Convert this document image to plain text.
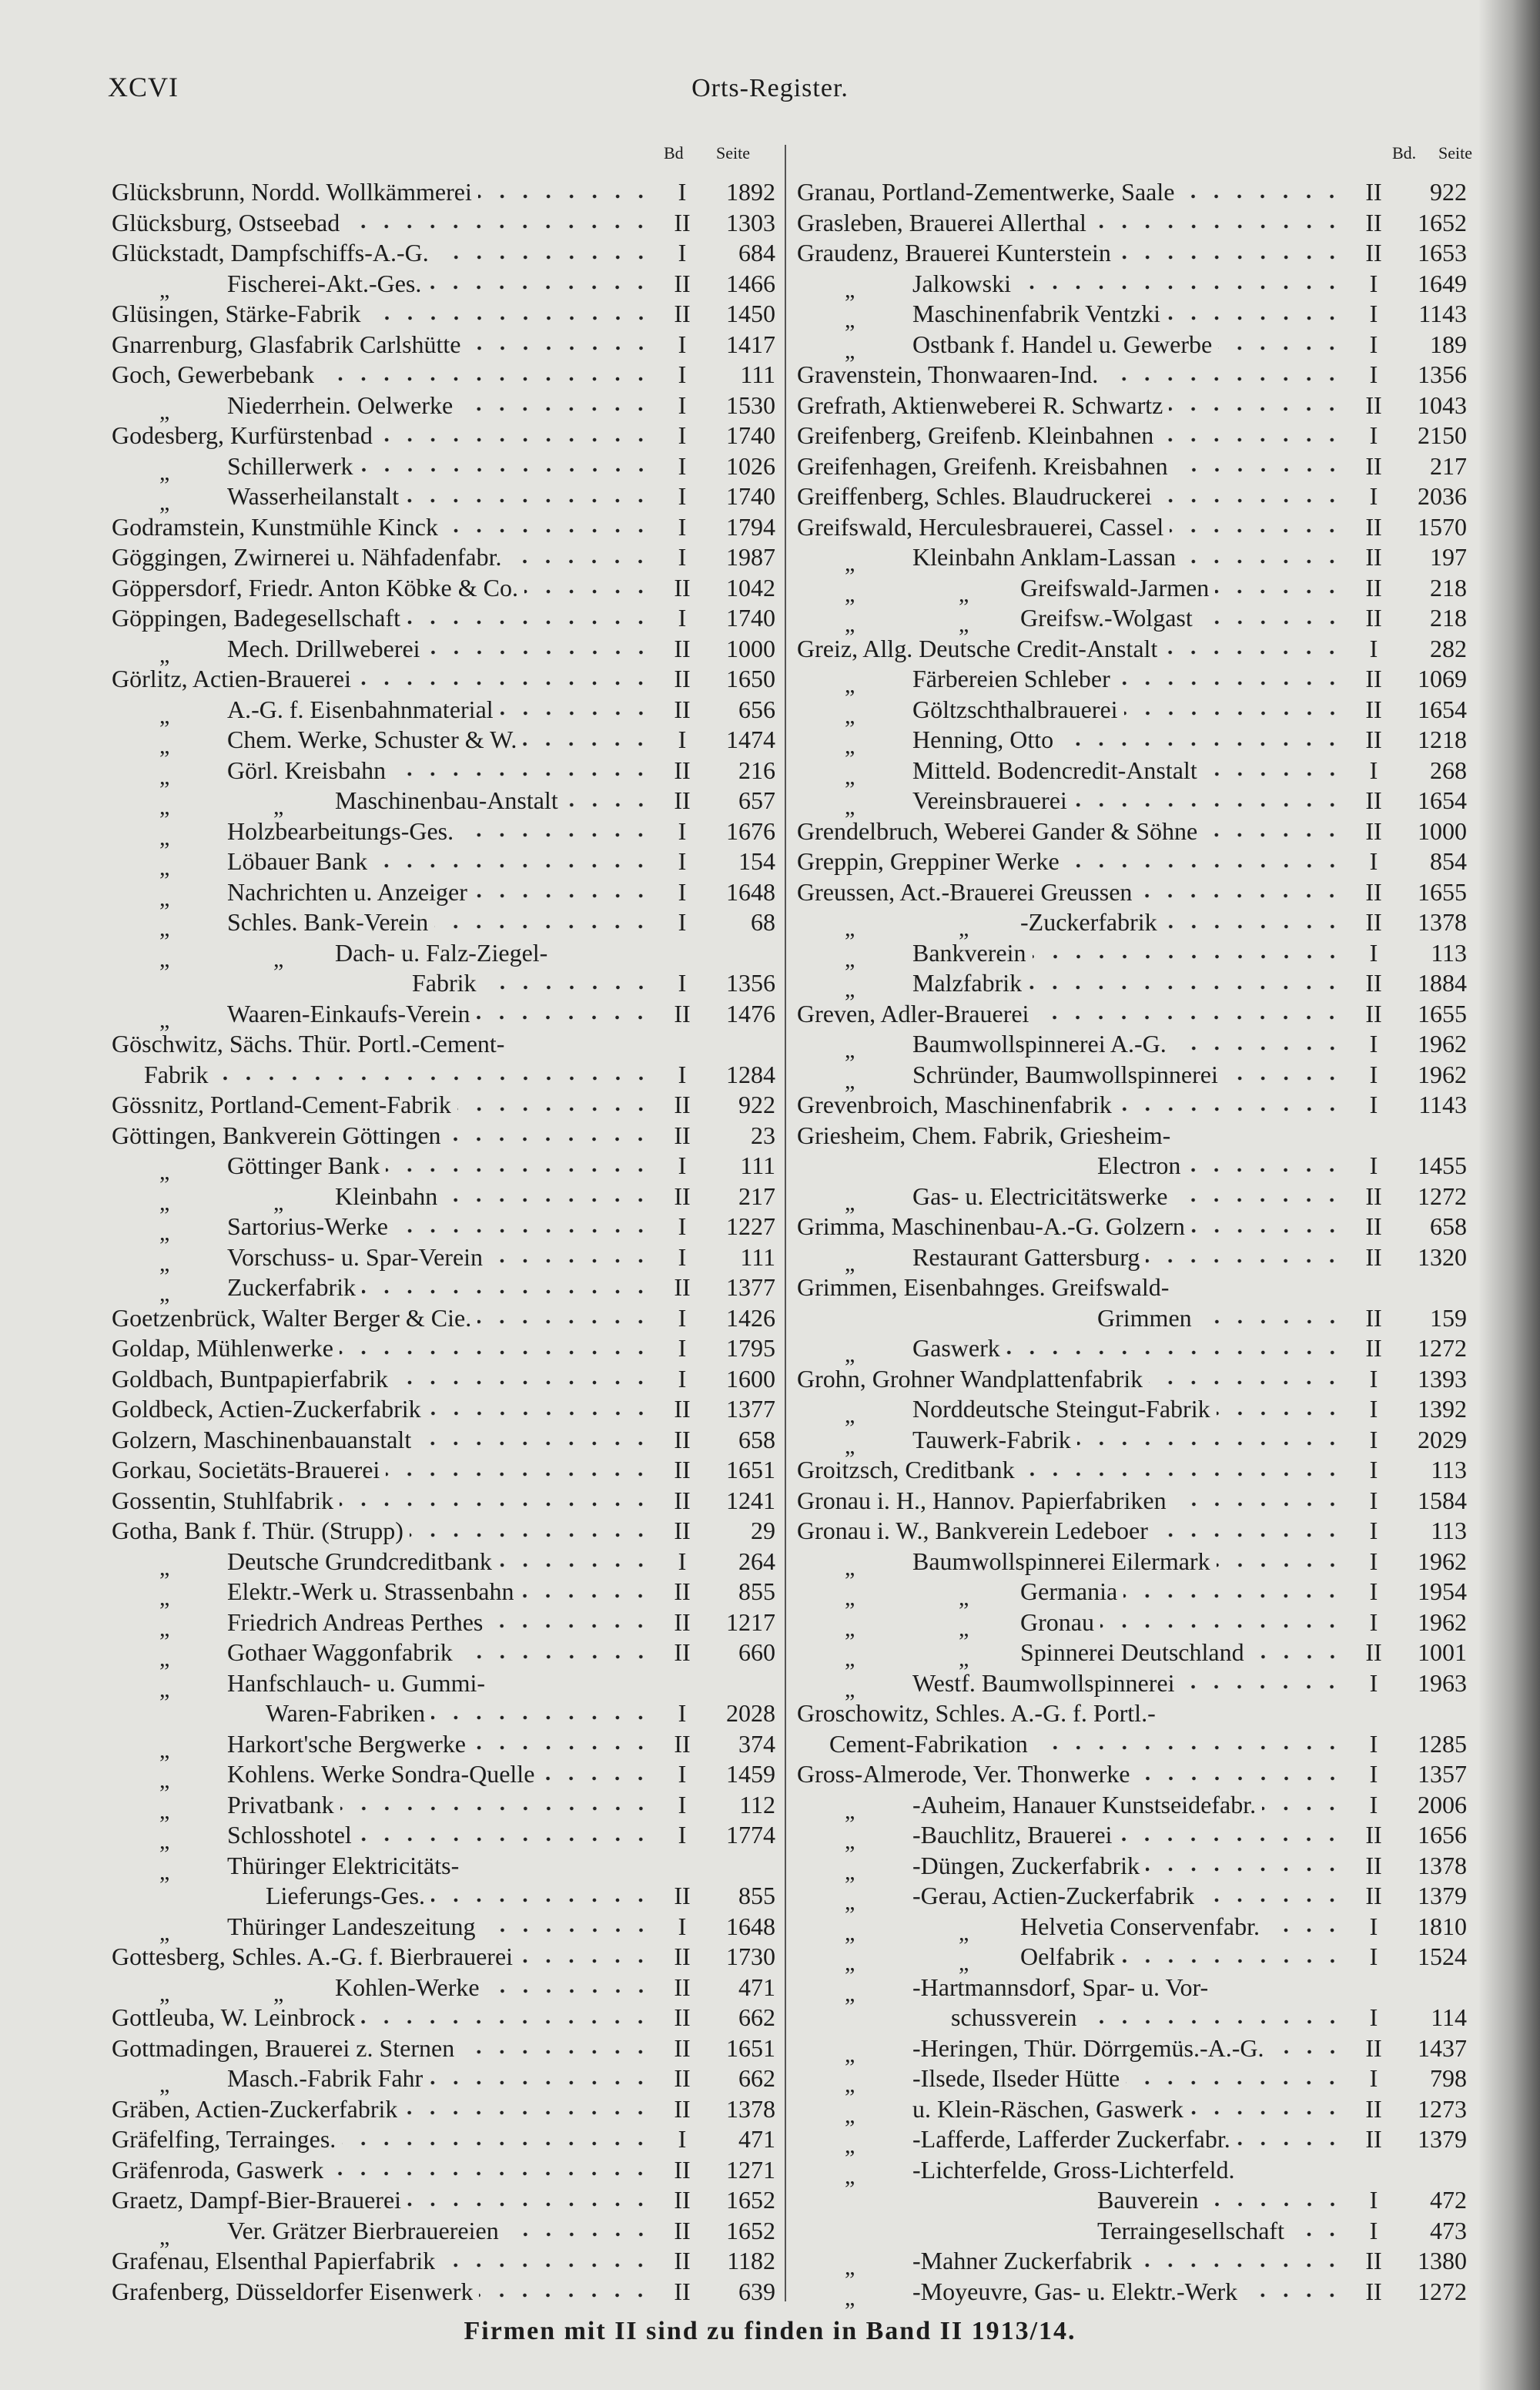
XCVI	Orts-Register.
Bd Seite	Bd. Seite
Glücksbrunn, Nordd. Wollkämmerei	I	1892
Glücksburg, Ostseebad	II	1303
Glückstadt, Dampfschiffs-A.-G.	I	684
„ Fischerei-Akt.-Ges.	II	1466
Glüsingen, Stärke-Fabrik	II	1450
Gnarrenburg, Glasfabrik Carlshütte	I	1417
Goch, Gewerbebank	I	111
„ Niederrhein. Oelwerke	I	1530
Godesberg, Kurfürstenbad	I	1740
„ Schillerwerk	I	1026
„ Wasserheilanstalt	I	1740
Godramstein, Kunstmühle Kinck	I	1794
Göggingen, Zwirnerei u. Nähfadenfabr.	I	1987
Göppersdorf, Friedr. Anton Köbke & Co.	II	1042
Göppingen, Badegesellschaft	I	1740
„ Mech. Drillweberei	II	1000
Görlitz, Actien-Brauerei	II	1650
„ A.-G. f. Eisenbahnmaterial	II	656
„ Chem. Werke, Schuster & W.	I	1474
„ Görl. Kreisbahn	II	216
„	„ Maschinenbau-Anstalt	II	657
„ Holzbearbeitungs-Ges.	I	1676
„ Löbauer Bank	I	154
„ Nachrichten u. Anzeiger	I	1648
„ Schles. Bank-Verein	I	68
„	„ Dach- u. Falz-Ziegel-
Fabrik	I	1356
„ Waaren-Einkaufs-Verein	II	1476
Göschwitz, Sächs. Thür. Portl.-Cement-
Fabrik	I	1284
Gössnitz, Portland-Cement-Fabrik	II	922
Göttingen, Bankverein Göttingen	II	23
„ Göttinger Bank	I	111
„	„ Kleinbahn	II	217
„ Sartorius-Werke	I	1227
„ Vorschuss- u. Spar-Verein	I	111
„ Zuckerfabrik	II	1377
Goetzenbrück, Walter Berger & Cie.	I	1426
Goldap, Mühlenwerke	I	1795
Goldbach, Buntpapierfabrik	I	1600
Goldbeck, Actien-Zuckerfabrik	II	1377
Golzern, Maschinenbauanstalt	II	658
Gorkau, Societäts-Brauerei	II	1651
Gossentin, Stuhlfabrik	II	1241
Gotha, Bank f. Thür. (Strupp)	II	29
„ Deutsche Grundcreditbank	I	264
„ Elektr.-Werk u. Strassenbahn	II	855
„ Friedrich Andreas Perthes	II	1217
„ Gothaer Waggonfabrik	II	660
„ Hanfschlauch- u. Gummi-
Waren-Fabriken	I	2028
„ Harkort'sche Bergwerke	II	374
„ Kohlens. Werke Sondra-Quelle	I	1459
„ Privatbank	I	112
„ Schlosshotel	I	1774
„ Thüringer Elektricitäts-
Lieferungs-Ges.	II	855
„ Thüringer Landeszeitung	I	1648
Gottesberg, Schles. A.-G. f. Bierbrauerei	II	1730
„	„ Kohlen-Werke	II	471
Gottleuba, W. Leinbrock	II	662
Gottmadingen, Brauerei z. Sternen	II	1651
„ Masch.-Fabrik Fahr	II	662
Gräben, Actien-Zuckerfabrik	II	1378
Gräfelfing, Terrainges.	I	471
Gräfenroda, Gaswerk	II	1271
Graetz, Dampf-Bier-Brauerei	II	1652
„ Ver. Grätzer Bierbrauereien	II	1652
Grafenau, Elsenthal Papierfabrik	II	1182
Grafenberg, Düsseldorfer Eisenwerk	II	639
Granau, Portland-Zementwerke, Saale	II	922
Grasleben, Brauerei Allerthal	II	1652
Graudenz, Brauerei Kunterstein	II	1653
„ Jalkowski	I	1649
„ Maschinenfabrik Ventzki	I	1143
„ Ostbank f. Handel u. Gewerbe	I	189
Gravenstein, Thonwaaren-Ind.	I	1356
Grefrath, Aktienweberei R. Schwartz	II	1043
Greifenberg, Greifenb. Kleinbahnen	I	2150
Greifenhagen, Greifenh. Kreisbahnen	II	217
Greiffenberg, Schles. Blaudruckerei	I	2036
Greifswald, Herculesbrauerei, Cassel	II	1570
„ Kleinbahn Anklam-Lassan	II	197
„	„ Greifswald-Jarmen	II	218
„	„ Greifsw.-Wolgast	II	218
Greiz, Allg. Deutsche Credit-Anstalt	I	282
„ Färbereien Schleber	II	1069
„ Göltzschthalbrauerei	II	1654
„ Henning, Otto	II	1218
„ Mitteld. Bodencredit-Anstalt	I	268
„ Vereinsbrauerei	II	1654
Grendelbruch, Weberei Gander & Söhne	II	1000
Greppin, Greppiner Werke	I	854
Greussen, Act.-Brauerei Greussen	II	1655
„	„ -Zuckerfabrik	II	1378
„ Bankverein	I	113
„ Malzfabrik	II	1884
Greven, Adler-Brauerei	II	1655
„ Baumwollspinnerei A.-G.	I	1962
„ Schründer, Baumwollspinnerei	I	1962
Grevenbroich, Maschinenfabrik	I	1143
Griesheim, Chem. Fabrik, Griesheim-
Electron	I	1455
„ Gas- u. Electricitätswerke	II	1272
Grimma, Maschinenbau-A.-G. Golzern	II	658
„ Restaurant Gattersburg	II	1320
Grimmen, Eisenbahnges. Greifswald-
Grimmen	II	159
„ Gaswerk	II	1272
Grohn, Grohner Wandplattenfabrik	I	1393
„ Norddeutsche Steingut-Fabrik	I	1392
„ Tauwerk-Fabrik	I	2029
Groitzsch, Creditbank	I	113
Gronau i. H., Hannov. Papierfabriken	I	1584
Gronau i. W., Bankverein Ledeboer	I	113
„ Baumwollspinnerei Eilermark	I	1962
„	„ Germania	I	1954
„	„ Gronau	I	1962
„	„ Spinnerei Deutschland	II	1001
„ Westf. Baumwollspinnerei	I	1963
Groschowitz, Schles. A.-G. f. Portl.-
Cement-Fabrikation	I	1285
Gross-Almerode, Ver. Thonwerke	I	1357
„ -Auheim, Hanauer Kunstseidefabr.	I	2006
„ -Bauchlitz, Brauerei	II	1656
„ -Düngen, Zuckerfabrik	II	1378
„ -Gerau, Actien-Zuckerfabrik	II	1379
„	„ Helvetia Conservenfabr.	I	1810
„	„ Oelfabrik	I	1524
„ -Hartmannsdorf, Spar- u. Vor-
schussverein	I	114
„ -Heringen, Thür. Dörrgemüs.-A.-G.	II	1437
„ -Ilsede, Ilseder Hütte	I	798
„ u. Klein-Räschen, Gaswerk	II	1273
„ -Lafferde, Lafferder Zuckerfabr.	II	1379
„ -Lichterfelde, Gross-Lichterfeld.
Bauverein	I	472
Terraingesellschaft	I	473
„ -Mahner Zuckerfabrik	II	1380
„ -Moyeuvre, Gas- u. Elektr.-Werk	II	1272
Firmen mit II sind zu finden in Band II 1913/14.
